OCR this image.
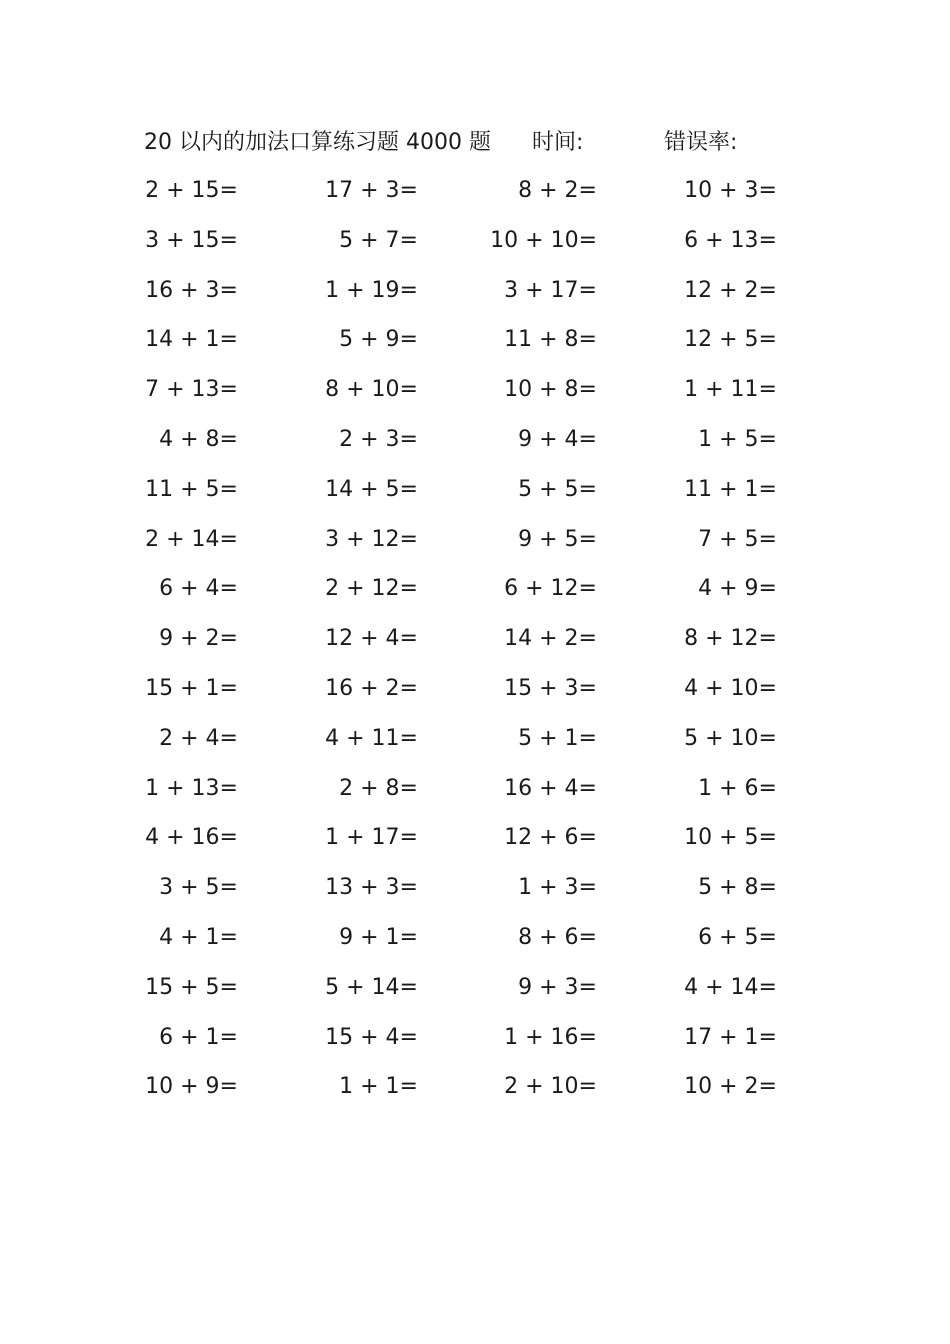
20 以内的加法口算练习题 4000 题 时间:	错误率:
2 + 15=	17 + 3=	8 + 2=	10 + 3=
3 + 15=	5 + 7=	10 + 10=	6 + 13=
16 + 3=	1 + 19=	3 + 17=	12 + 2=
14 + 1=	5 + 9=	11 + 8=	12 + 5=
7 + 13=	8 + 10=	10 + 8=	1 + 11=
4 + 8=	2 + 3=	9 + 4=	1 + 5=
11 + 5=	14 + 5=	5 + 5=	11 + 1=
2 + 14=	3 + 12=	9 + 5=	7 + 5=
6 + 4=	2 + 12=	6 + 12=	4 + 9=
9 + 2=	12 + 4=	14 + 2=	8 + 12=
15 + 1=	16 + 2=	15 + 3=	4 + 10=
2 + 4=	4 + 11=	5 + 1=	5 + 10=
1 + 13=	2 + 8=	16 + 4=	1 + 6=
4 + 16=	1 + 17=	12 + 6=	10 + 5=
3 + 5=	13 + 3=	1 + 3=	5 + 8=
4 + 1=	9 + 1=	8 + 6=	6 + 5=
15 + 5=	5 + 14=	9 + 3=	4 + 14=
6 + 1=	15 + 4=	1 + 16=	17 + 1=
10 + 9=	1 + 1=	2 + 10=	10 + 2=
